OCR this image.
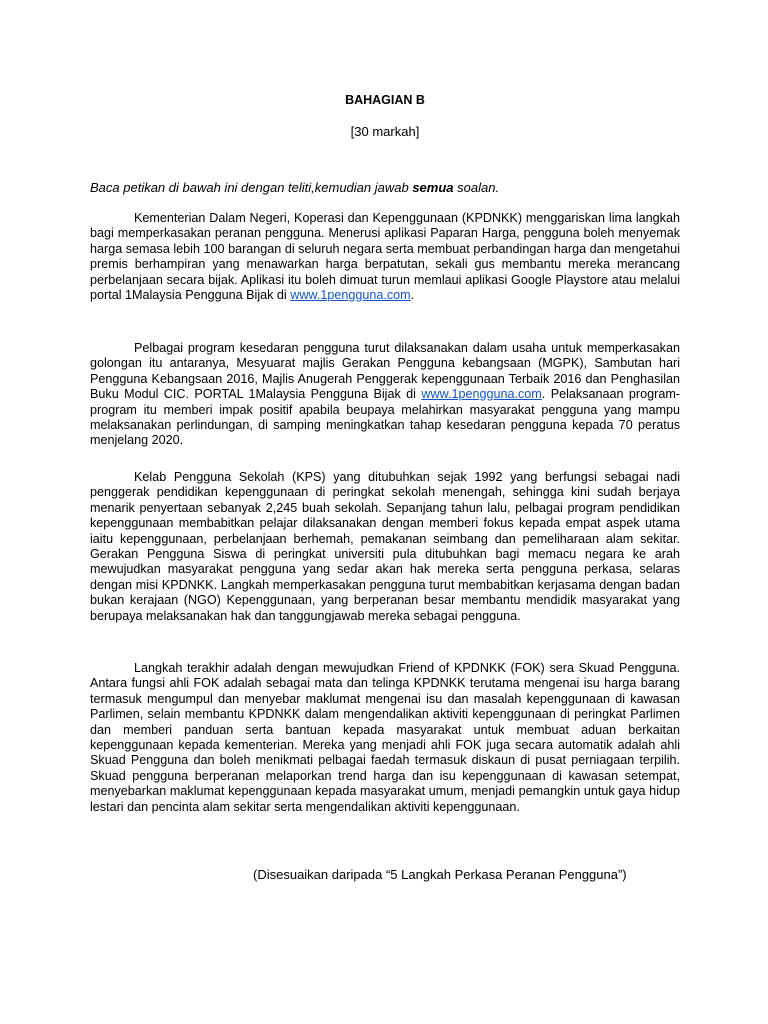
BAHAGIAN B
[30 markah]
Baca petikan di bawah ini dengan teliti,kemudian jawab semua soalan.

Kementerian Dalam Negeri, Koperasi dan Kepenggunaan (KPDNKK) menggariskan lima langkah bagi memperkasakan peranan pengguna. Menerusi aplikasi Paparan Harga, pengguna boleh menyemak harga semasa lebih 100 barangan di seluruh negara serta membuat perbandingan harga dan mengetahui premis berhampiran yang menawarkan harga berpatutan, sekali gus membantu mereka merancang perbelanjaan secara bijak. Aplikasi itu boleh dimuat turun memlaui aplikasi Google Playstore atau melalui portal 1Malaysia Pengguna Bijak di www.1pengguna.com.

Pelbagai program kesedaran pengguna turut dilaksanakan dalam usaha untuk memperkasakan golongan itu antaranya, Mesyuarat majlis Gerakan Pengguna kebangsaan (MGPK), Sambutan hari Pengguna Kebangsaan 2016, Majlis Anugerah Penggerak kepenggunaan Terbaik 2016 dan Penghasilan Buku Modul CIC. PORTAL 1Malaysia Pengguna Bijak di www.1pengguna.com. Pelaksanaan program-program itu memberi impak positif apabila beupaya melahirkan masyarakat pengguna yang mampu melaksanakan perlindungan, di samping meningkatkan tahap kesedaran pengguna kepada 70 peratus menjelang 2020.

Kelab Pengguna Sekolah (KPS) yang ditubuhkan sejak 1992 yang berfungsi sebagai nadi penggerak pendidikan kepenggunaan di peringkat sekolah menengah, sehingga kini sudah berjaya menarik penyertaan sebanyak 2,245 buah sekolah. Sepanjang tahun lalu, pelbagai program pendidikan kepenggunaan membabitkan pelajar dilaksanakan dengan memberi fokus kepada empat aspek utama iaitu kepenggunaan, perbelanjaan berhemah, pemakanan seimbang dan pemeliharaan alam sekitar. Gerakan Pengguna Siswa di peringkat universiti pula ditubuhkan bagi memacu negara ke arah mewujudkan masyarakat pengguna yang sedar akan hak mereka serta pengguna perkasa, selaras dengan misi KPDNKK. Langkah memperkasakan pengguna turut membabitkan kerjasama dengan badan bukan kerajaan (NGO) Kepenggunaan, yang berperanan besar membantu mendidik masyarakat yang berupaya melaksanakan hak dan tanggungjawab mereka sebagai pengguna.

Langkah terakhir adalah dengan mewujudkan Friend of KPDNKK (FOK) sera Skuad Pengguna. Antara fungsi ahli FOK adalah sebagai mata dan telinga KPDNKK terutama mengenai isu harga barang termasuk mengumpul dan menyebar maklumat mengenai isu dan masalah kepenggunaan di kawasan Parlimen, selain membantu KPDNKK dalam mengendalikan aktiviti kepenggunaan di peringkat Parlimen dan memberi panduan serta bantuan kepada masyarakat untuk membuat aduan berkaitan kepenggunaan kepada kementerian. Mereka yang menjadi ahli FOK juga secara automatik adalah ahli Skuad Pengguna dan boleh menikmati pelbagai faedah termasuk diskaun di pusat perniagaan terpilih. Skuad pengguna berperanan melaporkan trend harga dan isu kepenggunaan di kawasan setempat, menyebarkan maklumat kepenggunaan kepada masyarakat umum, menjadi pemangkin untuk gaya hidup lestari dan pencinta alam sekitar serta mengendalikan aktiviti kepenggunaan.

(Disesuaikan daripada “5 Langkah Perkasa Peranan Pengguna”)
